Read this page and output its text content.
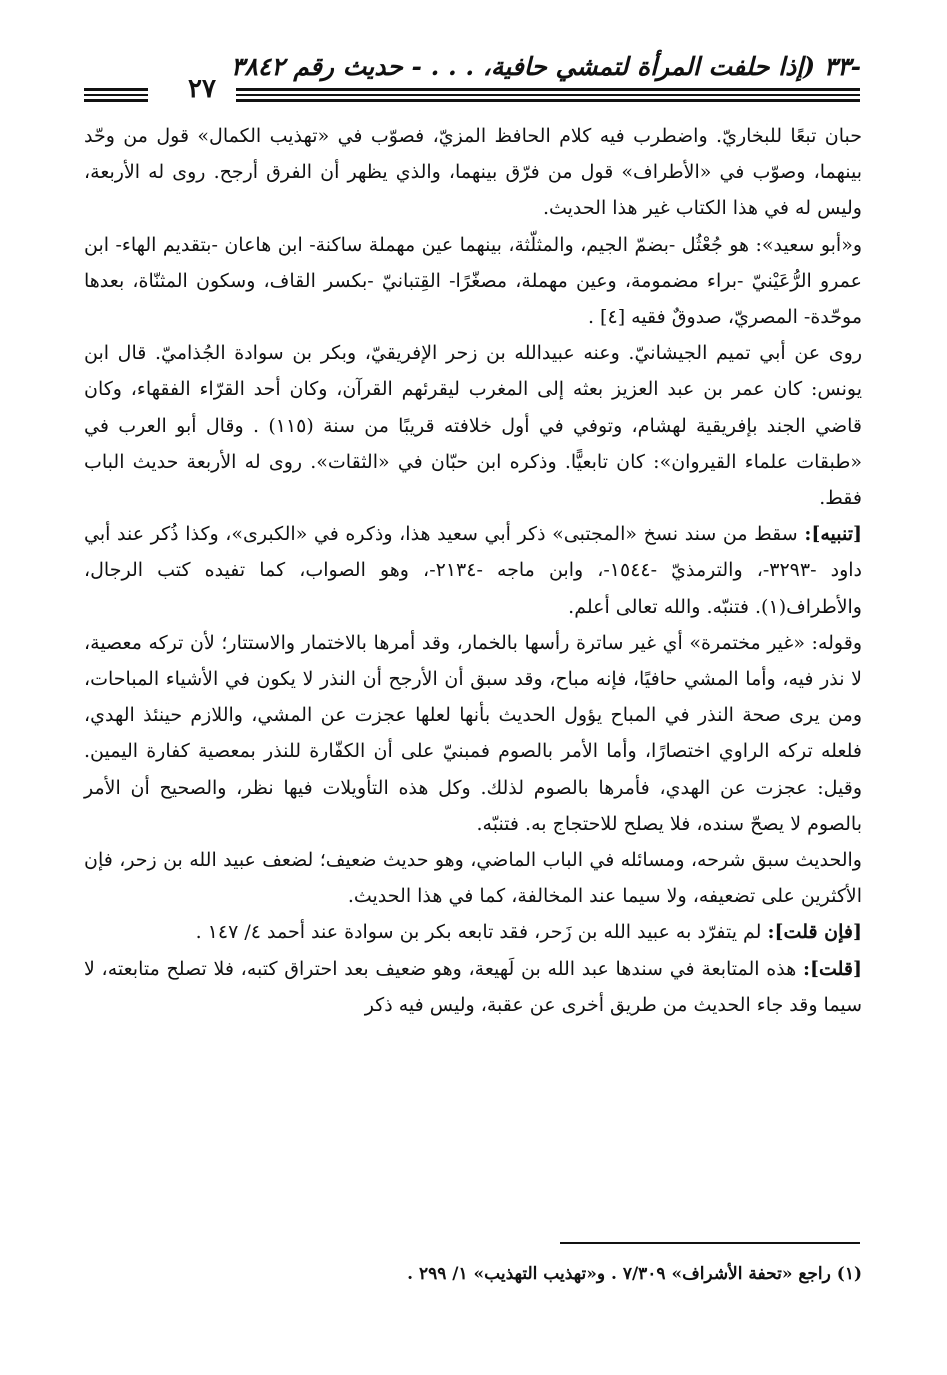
-٣٣ (إذا حلفت المرأة لتمشي حافية، . . . - حديث رقم ٣٨٤٢
٢٧

حبان تبعًا للبخاريّ. واضطرب فيه كلام الحافظ المزيّ، فصوّب في «تهذيب الكمال» قول من وحّد بينهما، وصوّب في «الأطراف» قول من فرّق بينهما، والذي يظهر أن الفرق أرجح. روى له الأربعة، وليس له في هذا الكتاب غير هذا الحديث.

و«أبو سعيد»: هو جُعْثُل -بضمّ الجيم، والمثلّثة، بينهما عين مهملة ساكنة- ابن هاعان -بتقديم الهاء- ابن عمرو الرُّعَيْنيّ -براء مضمومة، وعين مهملة، مصغّرًا- القِتبانيّ -بكسر القاف، وسكون المثنّاة، بعدها موحّدة- المصريّ، صدوقٌ فقيه [٤] .

روى عن أبي تميم الجيشانيّ. وعنه عبيدالله بن زحر الإفريقيّ، وبكر بن سوادة الجُذاميّ. قال ابن يونس: كان عمر بن عبد العزيز بعثه إلى المغرب ليقرئهم القرآن، وكان أحد القرّاء الفقهاء، وكان قاضي الجند بإفريقية لهشام، وتوفي في أول خلافته قريبًا من سنة (١١٥) . وقال أبو العرب في «طبقات علماء القيروان»: كان تابعيًّا. وذكره ابن حبّان في «الثقات». روى له الأربعة حديث الباب فقط.

[تنبيه]: سقط من سند نسخ «المجتبى» ذكر أبي سعيد هذا، وذكره في «الكبرى»، وكذا ذُكر عند أبي داود -٣٢٩٣-، والترمذيّ -١٥٤٤-، وابن ماجه -٢١٣٤-، وهو الصواب، كما تفيده كتب الرجال، والأطراف(١). فتنبّه. والله تعالى أعلم.

وقوله: «غير مختمرة» أي غير ساترة رأسها بالخمار، وقد أمرها بالاختمار والاستتار؛ لأن تركه معصية، لا نذر فيه، وأما المشي حافيًا، فإنه مباح، وقد سبق أن الأرجح أن النذر لا يكون في الأشياء المباحات، ومن يرى صحة النذر في المباح يؤول الحديث بأنها لعلها عجزت عن المشي، واللازم حينئذ الهدي، فلعله تركه الراوي اختصارًا، وأما الأمر بالصوم فمبنيّ على أن الكفّارة للنذر بمعصية كفارة اليمين. وقيل: عجزت عن الهدي، فأمرها بالصوم لذلك. وكل هذه التأويلات فيها نظر، والصحيح أن الأمر بالصوم لا يصحّ سنده، فلا يصلح للاحتجاج به. فتنبّه.

والحديث سبق شرحه، ومسائله في الباب الماضي، وهو حديث ضعيف؛ لضعف عبيد الله بن زحر، فإن الأكثرين على تضعيفه، ولا سيما عند المخالفة، كما في هذا الحديث.

[فإن قلت]: لم يتفرّد به عبيد الله بن زَحر، فقد تابعه بكر بن سوادة عند أحمد ٤/ ١٤٧ .

[قلت]: هذه المتابعة في سندها عبد الله بن لَهيعة، وهو ضعيف بعد احتراق كتبه، فلا تصلح متابعته، لا سيما وقد جاء الحديث من طريق أخرى عن عقبة، وليس فيه ذكر

(١) راجع «تحفة الأشراف» ٧/٣٠٩ . و«تهذيب التهذيب» ١/ ٢٩٩ .
